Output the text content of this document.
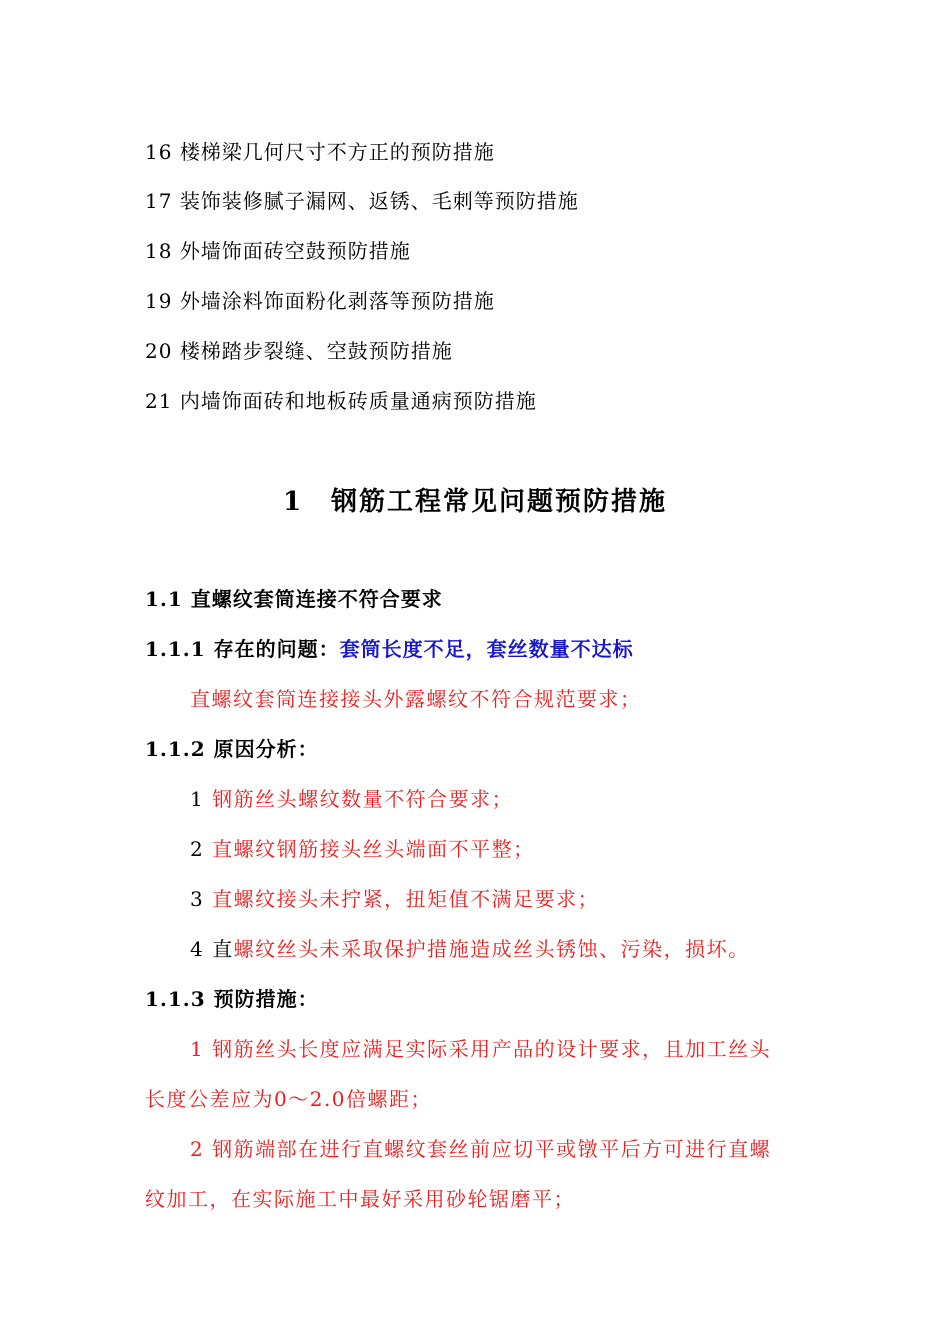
16 楼梯梁几何尺寸不方正的预防措施
17 装饰装修腻子漏网、返锈、毛刺等预防措施
18 外墙饰面砖空鼓预防措施
19 外墙涂料饰面粉化剥落等预防措施
20 楼梯踏步裂缝、空鼓预防措施
21 内墙饰面砖和地板砖质量通病预防措施
1 钢筋工程常见问题预防措施
1.1 直螺纹套筒连接不符合要求
1.1.1 存在的问题：套筒长度不足，套丝数量不达标
直螺纹套筒连接接头外露螺纹不符合规范要求；
1.1.2 原因分析：
1 钢筋丝头螺纹数量不符合要求；
2 直螺纹钢筋接头丝头端面不平整；
3 直螺纹接头未拧紧，扭矩值不满足要求；
4 直螺纹丝头未采取保护措施造成丝头锈蚀、污染，损坏。
1.1.3 预防措施：
1 钢筋丝头长度应满足实际采用产品的设计要求，且加工丝头
长度公差应为0～2.0倍螺距；
2 钢筋端部在进行直螺纹套丝前应切平或镦平后方可进行直螺
纹加工，在实际施工中最好采用砂轮锯磨平；
